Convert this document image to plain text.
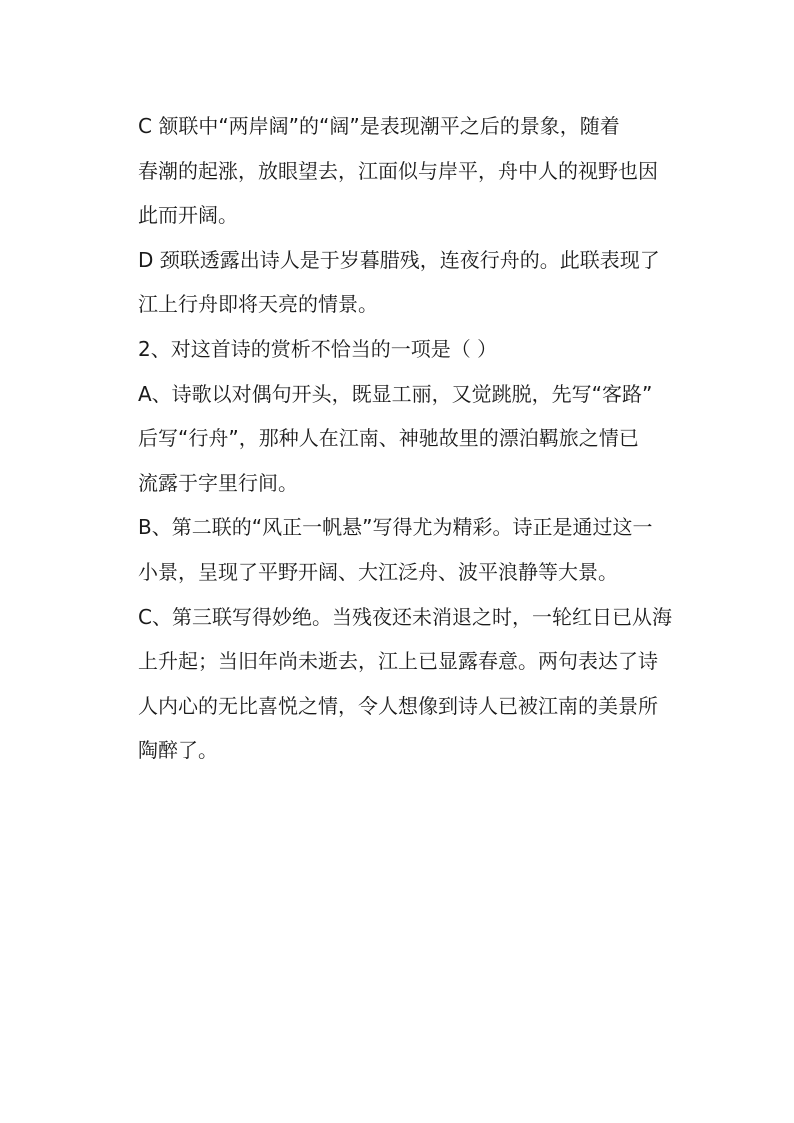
C 颔联中“两岸阔”的“阔”是表现潮平之后的景象，随着
春潮的起涨，放眼望去，江面似与岸平，舟中人的视野也因
此而开阔。
D 颈联透露出诗人是于岁暮腊残，连夜行舟的。此联表现了
江上行舟即将天亮的情景。
2、对这首诗的赏析不恰当的一项是（ ）
A、诗歌以对偶句开头，既显工丽，又觉跳脱，先写“客路”
后写“行舟”，那种人在江南、神驰故里的漂泊羁旅之情已
流露于字里行间。
B、第二联的“风正一帆悬”写得尤为精彩。诗正是通过这一
小景，呈现了平野开阔、大江泛舟、波平浪静等大景。
C、第三联写得妙绝。当残夜还未消退之时，一轮红日已从海
上升起；当旧年尚未逝去，江上已显露春意。两句表达了诗
人内心的无比喜悦之情，令人想像到诗人已被江南的美景所
陶醉了。
